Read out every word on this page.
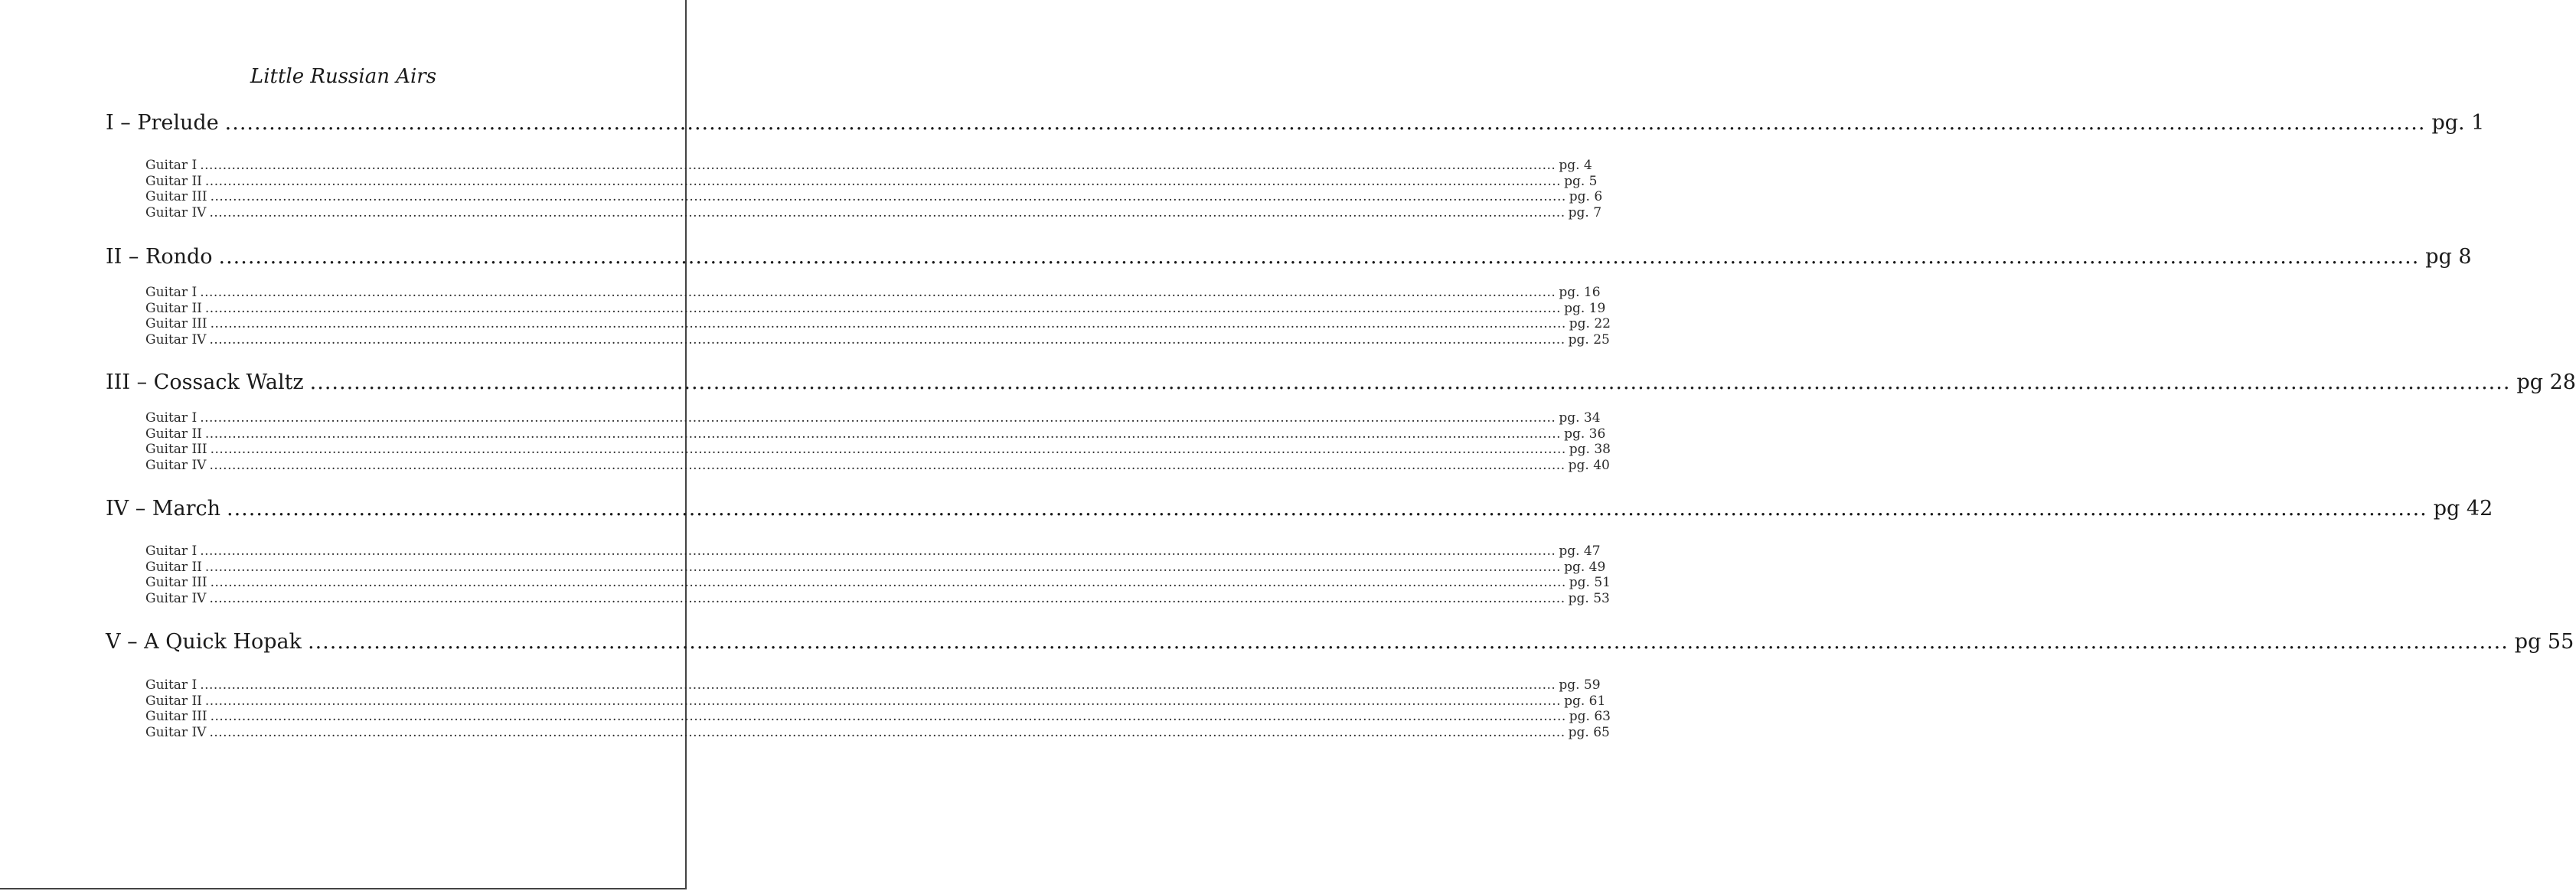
Little Russian Airs
I – Prelude ............................................................................................................................................................................................................................................................................................................ pg. 1
Guitar I ............................................................................................................................................................................................................................................................................................................ pg. 4
Guitar II ............................................................................................................................................................................................................................................................................................................ pg. 5
Guitar III ............................................................................................................................................................................................................................................................................................................ pg. 6
Guitar IV ............................................................................................................................................................................................................................................................................................................ pg. 7
II – Rondo ............................................................................................................................................................................................................................................................................................................ pg 8
Guitar I ............................................................................................................................................................................................................................................................................................................ pg. 16
Guitar II ............................................................................................................................................................................................................................................................................................................ pg. 19
Guitar III ............................................................................................................................................................................................................................................................................................................ pg. 22
Guitar IV ............................................................................................................................................................................................................................................................................................................ pg. 25
III – Cossack Waltz ............................................................................................................................................................................................................................................................................................................ pg 28
Guitar I ............................................................................................................................................................................................................................................................................................................ pg. 34
Guitar II ............................................................................................................................................................................................................................................................................................................ pg. 36
Guitar III ............................................................................................................................................................................................................................................................................................................ pg. 38
Guitar IV ............................................................................................................................................................................................................................................................................................................ pg. 40
IV – March ............................................................................................................................................................................................................................................................................................................ pg 42
Guitar I ............................................................................................................................................................................................................................................................................................................ pg. 47
Guitar II ............................................................................................................................................................................................................................................................................................................ pg. 49
Guitar III ............................................................................................................................................................................................................................................................................................................ pg. 51
Guitar IV ............................................................................................................................................................................................................................................................................................................ pg. 53
V – A Quick Hopak ............................................................................................................................................................................................................................................................................................................ pg 55
Guitar I ............................................................................................................................................................................................................................................................................................................ pg. 59
Guitar II ............................................................................................................................................................................................................................................................................................................ pg. 61
Guitar III ............................................................................................................................................................................................................................................................................................................ pg. 63
Guitar IV ............................................................................................................................................................................................................................................................................................................ pg. 65
